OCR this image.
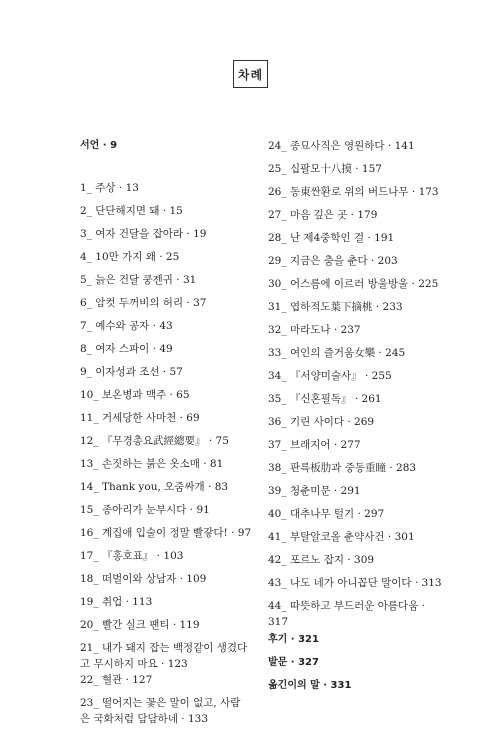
차례
서언 · 9
1_ 주상 · 13
2_ 단단해지면 돼 · 15
3_ 여자 건달을 잡아라 · 19
4_ 10만 가지 왜 · 25
5_ 늙은 건달 쿵젠귀 · 31
6_ 암컷 두꺼비의 허리 · 37
7_ 예수와 공자 · 43
8_ 여자 스파이 · 49
9_ 이자성과 조선 · 57
10_ 보온병과 맥주 · 65
11_ 거세당한 사마천 · 69
12_ 『무경총요武經總要』 · 75
13_ 손짓하는 붉은 옷소매 · 81
14_ Thank you, 오줌싸개 · 83
15_ 종아리가 눈부시다 · 91
16_ 계집애 입술이 정말 빨갛다! · 97
17_ 『홍호표』 · 103
18_ 떠벌이와 상남자 · 109
19_ 취업 · 113
20_ 빨간 실크 팬티 · 119
21_ 내가 돼지 잡는 백정같이 생겼다 고 무시하지 마요 · 123
22_ 혈관 · 127
23_ 떨어지는 꽃은 말이 없고, 사람 은 국화처럼 담담하네 · 133
24_ 종묘사직은 영원하다 · 141
25_ 십팔모十八摸 · 157
26_ 동東싼환로 위의 버드나무 · 173
27_ 마음 깊은 곳 · 179
28_ 난 제4중학인 걸 · 191
29_ 지금은 춤을 춘다 · 203
30_ 어스름에 이르러 방울방울 · 225
31_ 엽하적도葉下摘桃 · 233
32_ 마라도나 · 237
33_ 여인의 즐거움女樂 · 245
34_ 『서양미술사』 · 255
35_ 『신혼필독』 · 261
36_ 기린 사이다 · 269
37_ 브래지어 · 277
38_ 판륵板肋과 중동重瞳 · 283
39_ 청춘미문 · 291
40_ 대추나무 털기 · 297
41_ 부탈알코올 춘약사건 · 301
42_ 포르노 잡지 · 309
43_ 나도 네가 아니꼽단 말이다 · 313
44_ 따뜻하고 부드러운 아름다움 · 317
후기 · 321
발문 · 327
옮긴이의 말 · 331
